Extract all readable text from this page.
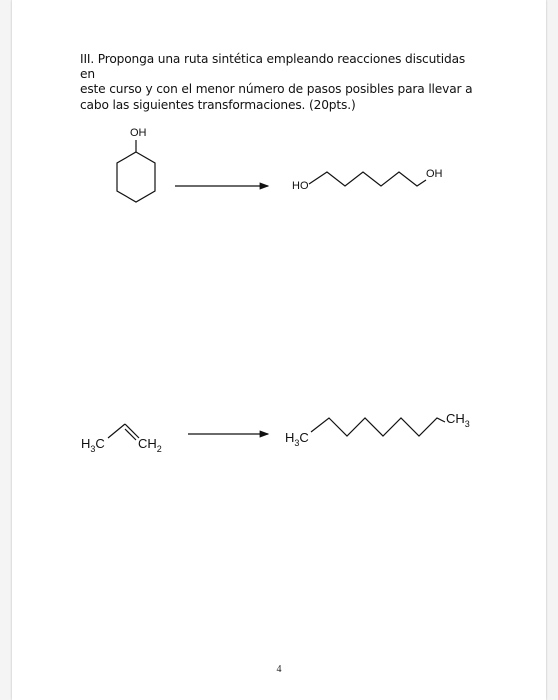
III. Proponga una ruta sintética empleando reacciones discutidas en

este curso y con el menor número de pasos posibles para llevar a

cabo las siguientes transformaciones. (20pts.)

OH
HO
OH
$H_3C$	$CH_2$
$H_3C$
$CH_3$
4
